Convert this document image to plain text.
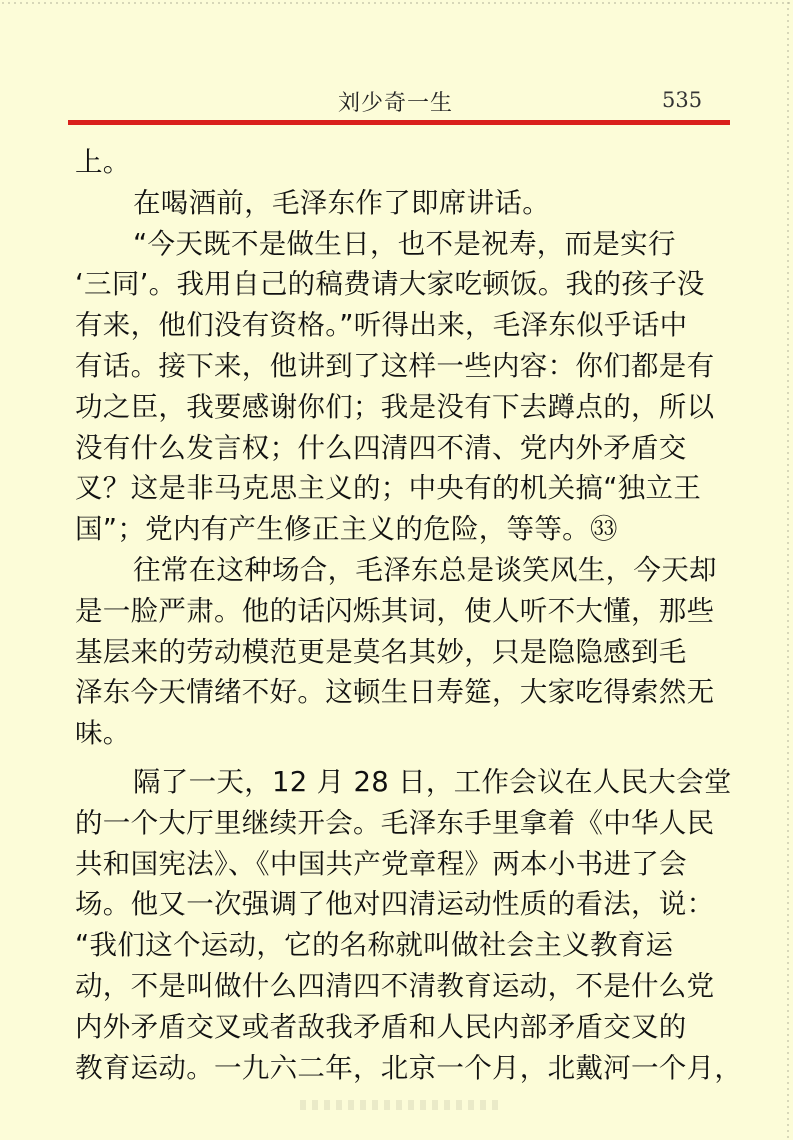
刘少奇一生	535
上。
在喝酒前，毛泽东作了即席讲话。
“今天既不是做生日，也不是祝寿，而是实行
‘三同’。我用自己的稿费请大家吃顿饭。我的孩子没
有来，他们没有资格。”听得出来，毛泽东似乎话中
有话。接下来，他讲到了这样一些内容：你们都是有
功之臣，我要感谢你们；我是没有下去蹲点的，所以
没有什么发言权；什么四清四不清、党内外矛盾交
叉？这是非马克思主义的；中央有的机关搞“独立王
国”；党内有产生修正主义的危险，等等。㉝
往常在这种场合，毛泽东总是谈笑风生，今天却
是一脸严肃。他的话闪烁其词，使人听不大懂，那些
基层来的劳动模范更是莫名其妙，只是隐隐感到毛
泽东今天情绪不好。这顿生日寿筵，大家吃得索然无
味。
隔了一天，12 月 28 日，工作会议在人民大会堂
的一个大厅里继续开会。毛泽东手里拿着《中华人民
共和国宪法》、《中国共产党章程》两本小书进了会
场。他又一次强调了他对四清运动性质的看法，说：
“我们这个运动，它的名称就叫做社会主义教育运
动，不是叫做什么四清四不清教育运动，不是什么党
内外矛盾交叉或者敌我矛盾和人民内部矛盾交叉的
教育运动。一九六二年，北京一个月，北戴河一个月，
